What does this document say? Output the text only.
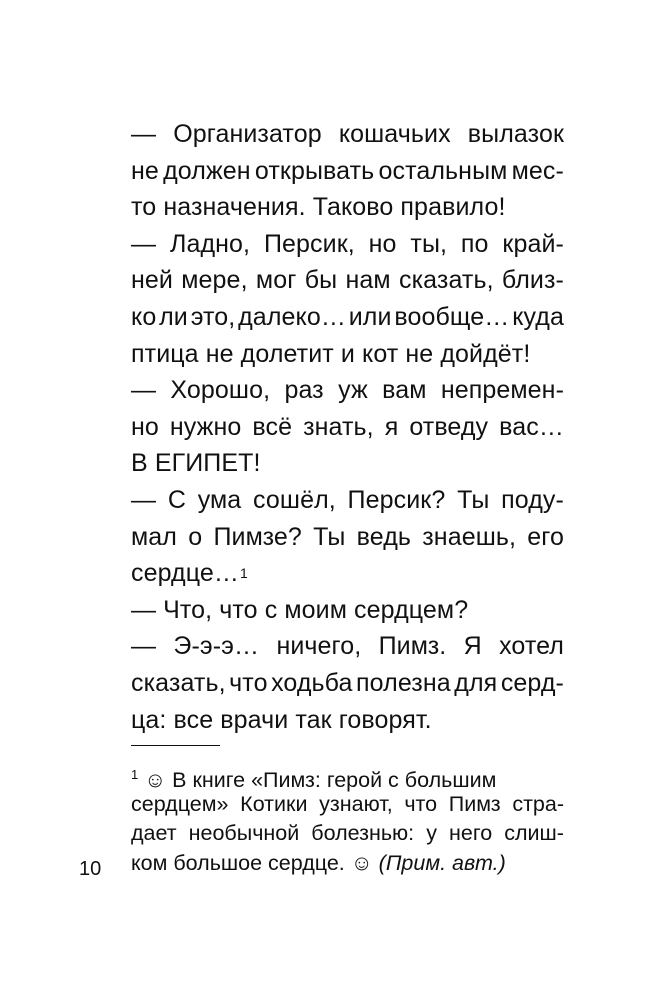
— Организатор кошачьих вылазок
не должен открывать остальным мес-
то назначения. Таково правило!
— Ладно, Персик, но ты, по край-
ней мере, мог бы нам сказать, близ-
ко ли это, далеко… или вообще… куда
птица не долетит и кот не дойдёт!
— Хорошо, раз уж вам непремен-
но нужно всё знать, я отведу вас…
В ЕГИПЕТ!
— С ума сошёл, Персик? Ты поду-
мал о Пимзе? Ты ведь знаешь, его
сердце… 1
— Что, что с моим сердцем?
— Э-э-э… ничего, Пимз. Я хотел
сказать, что ходьба полезна для серд-
ца: все врачи так говорят.
$^1$ ☺ В книге «Пимз: герой с большим
сердцем» Котики узнают, что Пимз стра-
дает необычной болезнью: у него слиш-
ком большое сердце. ☺ (Прим. авт.)
10
